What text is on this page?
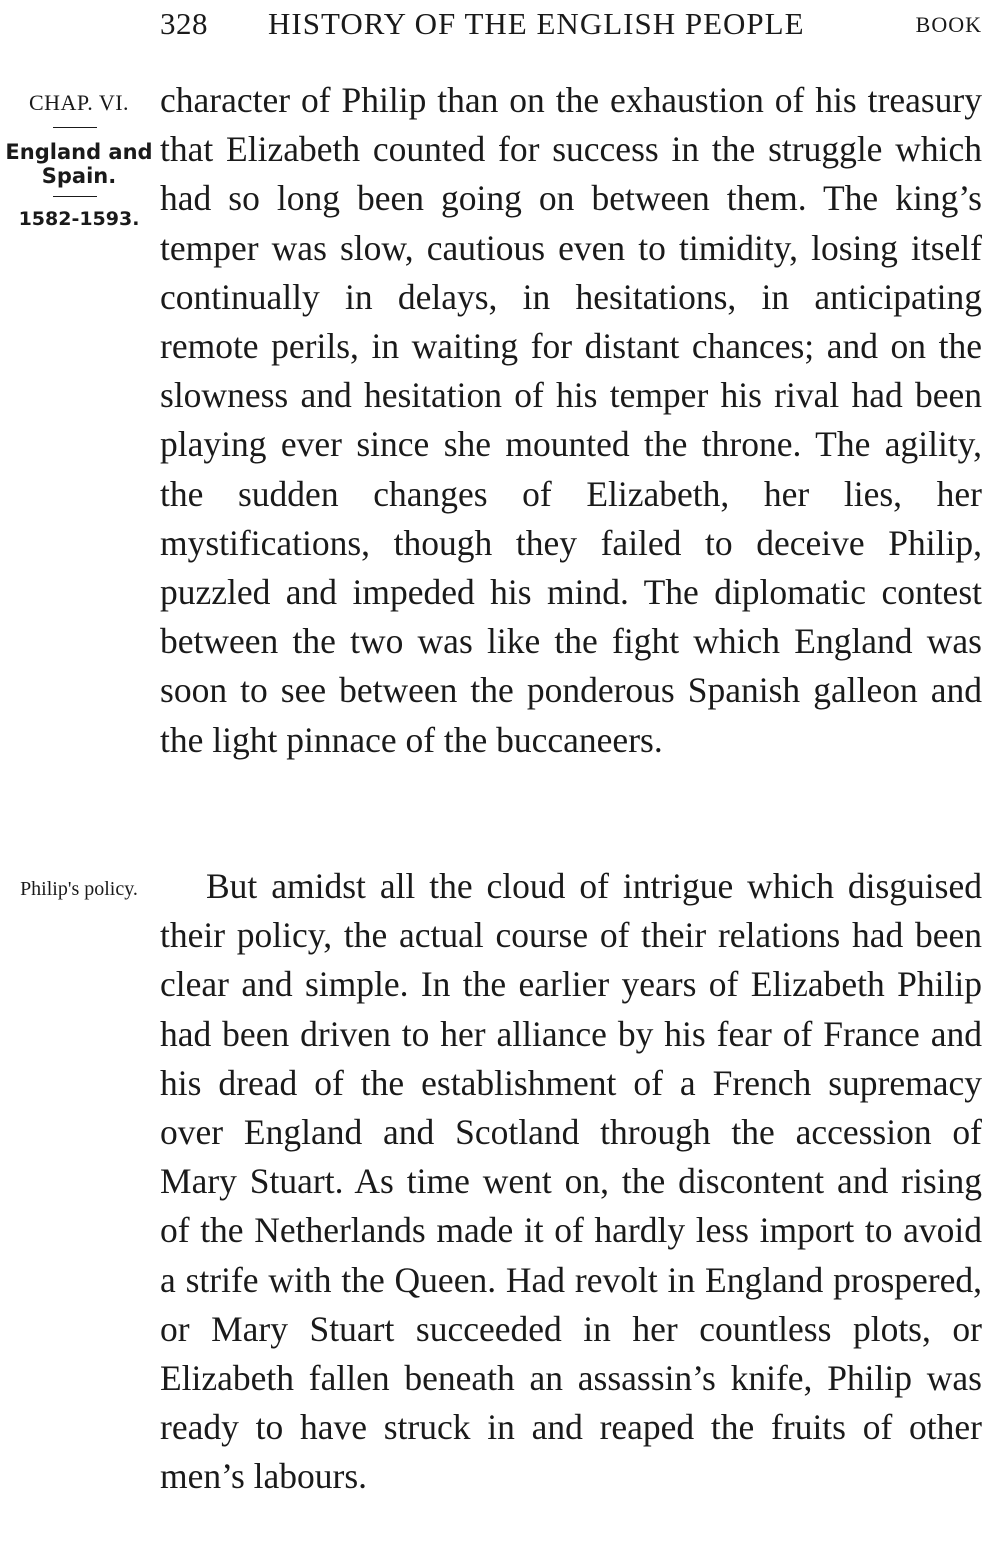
328 HISTORY OF THE ENGLISH PEOPLE	BOOK
CHAP. VI.
England and Spain.
1582-1593.

character of Philip than on the exhaustion of his treasury that Elizabeth counted for success in the struggle which had so long been going on between them. The king’s temper was slow, cautious even to timidity, losing itself continually in delays, in hesitations, in anticipating remote perils, in waiting for distant chances; and on the slowness and hesitation of his temper his rival had been playing ever since she mounted the throne. The agility, the sudden changes of Elizabeth, her lies, her mystifications, though they failed to deceive Philip, puzzled and impeded his mind. The diplomatic contest between the two was like the fight which England was soon to see between the ponderous Spanish galleon and the light pinnace of the buccaneers.

Philip's policy.	But amidst all the cloud of intrigue which disguised their policy, the actual course of their relations had been clear and simple. In the earlier years of Elizabeth Philip had been driven to her alliance by his fear of France and his dread of the establishment of a French supremacy over England and Scotland through the accession of Mary Stuart. As time went on, the discontent and rising of the Netherlands made it of hardly less import to avoid a strife with the Queen. Had revolt in England prospered, or Mary Stuart succeeded in her countless plots, or Elizabeth fallen beneath an assassin’s knife, Philip was ready to have struck in and reaped the fruits of other men’s labours.
